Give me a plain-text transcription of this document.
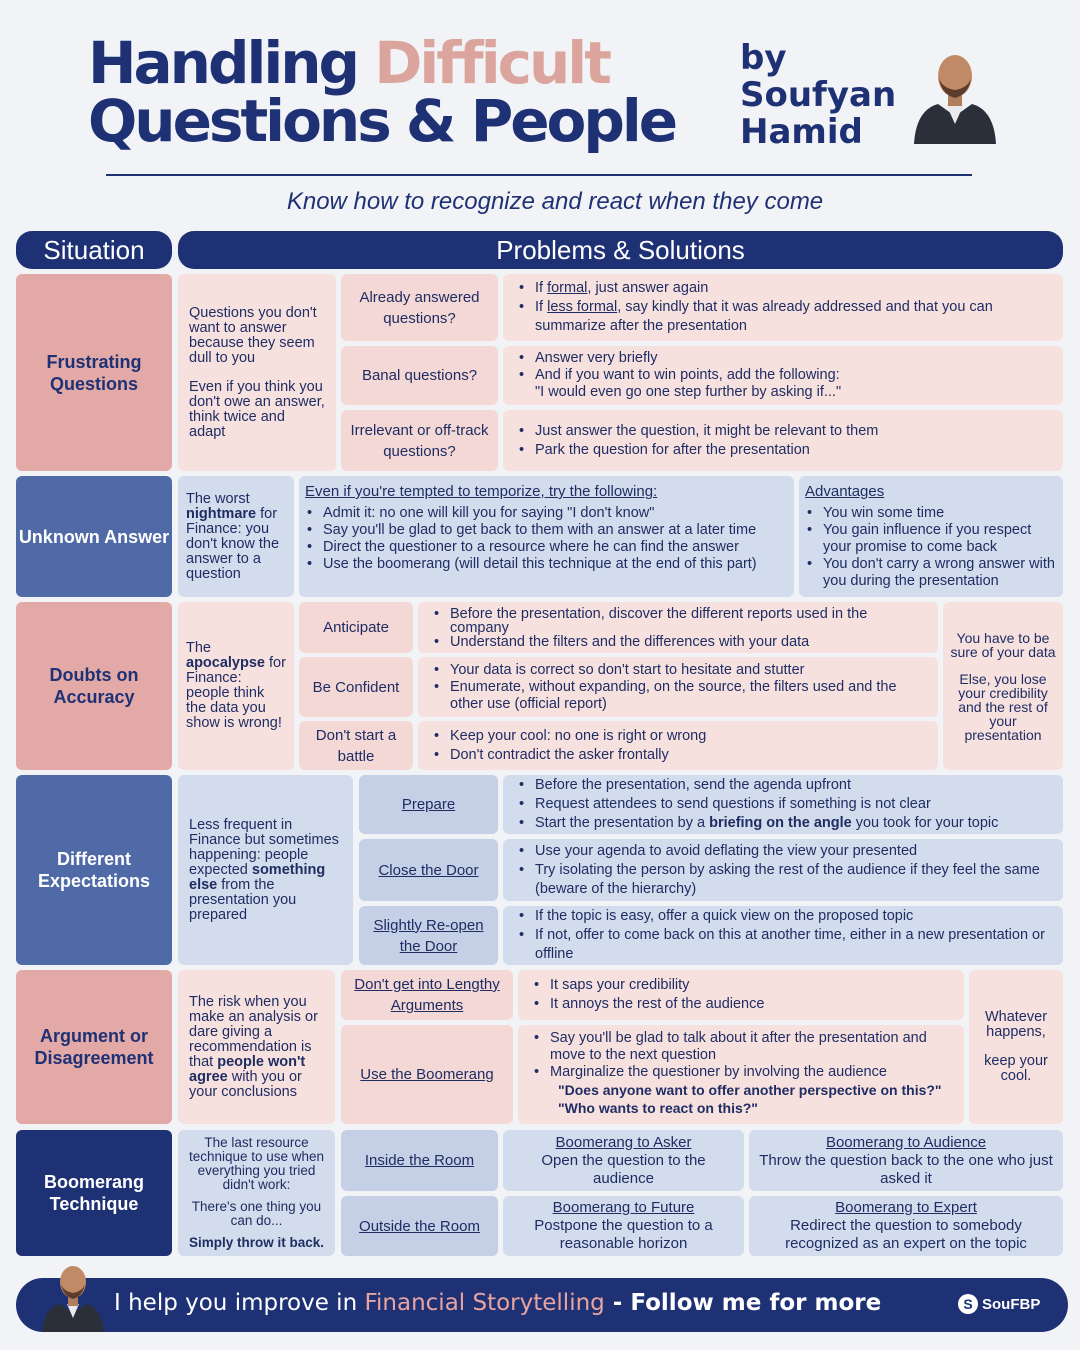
Handling Difficult
Questions & People
by
Soufyan
Hamid
Know how to recognize and react when they come
Situation	Problems & Solutions
Frustrating Questions

Questions you don't want to answer because they seem dull to you

Even if you think you don't owe an answer, think twice and adapt

Already answered questions?
• If formal, just answer again
• If less formal, say kindly that it was already addressed and that you can summarize after the presentation
Banal questions?
• Answer very briefly
• And if you want to win points, add the following:
"I would even go one step further by asking if..."
Irrelevant or off-track questions?
• Just answer the question, it might be relevant to them
• Park the question for after the presentation
Unknown Answer

The worst nightmare for Finance: you don't know the answer to a question

Even if you're tempted to temporize, try the following:
• Admit it: no one will kill you for saying "I don't know"
• Say you'll be glad to get back to them with an answer at a later time
• Direct the questioner to a resource where he can find the answer
• Use the boomerang (will detail this technique at the end of this part)
Advantages
• You win some time
• You gain influence if you respect your promise to come back
• You don't carry a wrong answer with you during the presentation
Doubts on Accuracy

The apocalypse for Finance: people think the data you show is wrong!

Anticipate
• Before the presentation, discover the different reports used in the company
• Understand the filters and the differences with your data
Be Confident
• Your data is correct so don't start to hesitate and stutter
• Enumerate, without expanding, on the source, the filters used and the other use (official report)
Don't start a battle
• Keep your cool: no one is right or wrong
• Don't contradict the asker frontally

You have to be sure of your data

Else, you lose your credibility and the rest of your presentation

Different Expectations

Less frequent in Finance but sometimes happening: people expected something else from the presentation you prepared

Prepare
• Before the presentation, send the agenda upfront
• Request attendees to send questions if something is not clear
• Start the presentation by a briefing on the angle you took for your topic
Close the Door
• Use your agenda to avoid deflating the view your presented
• Try isolating the person by asking the rest of the audience if they feel the same (beware of the hierarchy)
Slightly Re-open the Door
• If the topic is easy, offer a quick view on the proposed topic
• If not, offer to come back on this at another time, either in a new presentation or offline
Argument or Disagreement

The risk when you make an analysis or dare giving a recommendation is that people won't agree with you or your conclusions

Don't get into Lengthy Arguments
• It saps your credibility
• It annoys the rest of the audience
Use the Boomerang
• Say you'll be glad to talk about it after the presentation and move to the next question
• Marginalize the questioner by involving the audience
"Does anyone want to offer another perspective on this?"
"Who wants to react on this?"

Whatever happens,

keep your cool.

Boomerang Technique

The last resource technique to use when everything you tried didn't work:

There's one thing you can do...

Simply throw it back.

Inside the Room
Outside the Room
Boomerang to Asker
Open the question to the audience
Boomerang to Audience
Throw the question back to the one who just asked it
Boomerang to Future
Postpone the question to a reasonable horizon
Boomerang to Expert
Redirect the question to somebody recognized as an expert on the topic
I help you improve in Financial Storytelling - Follow me for more	S SouFBP
